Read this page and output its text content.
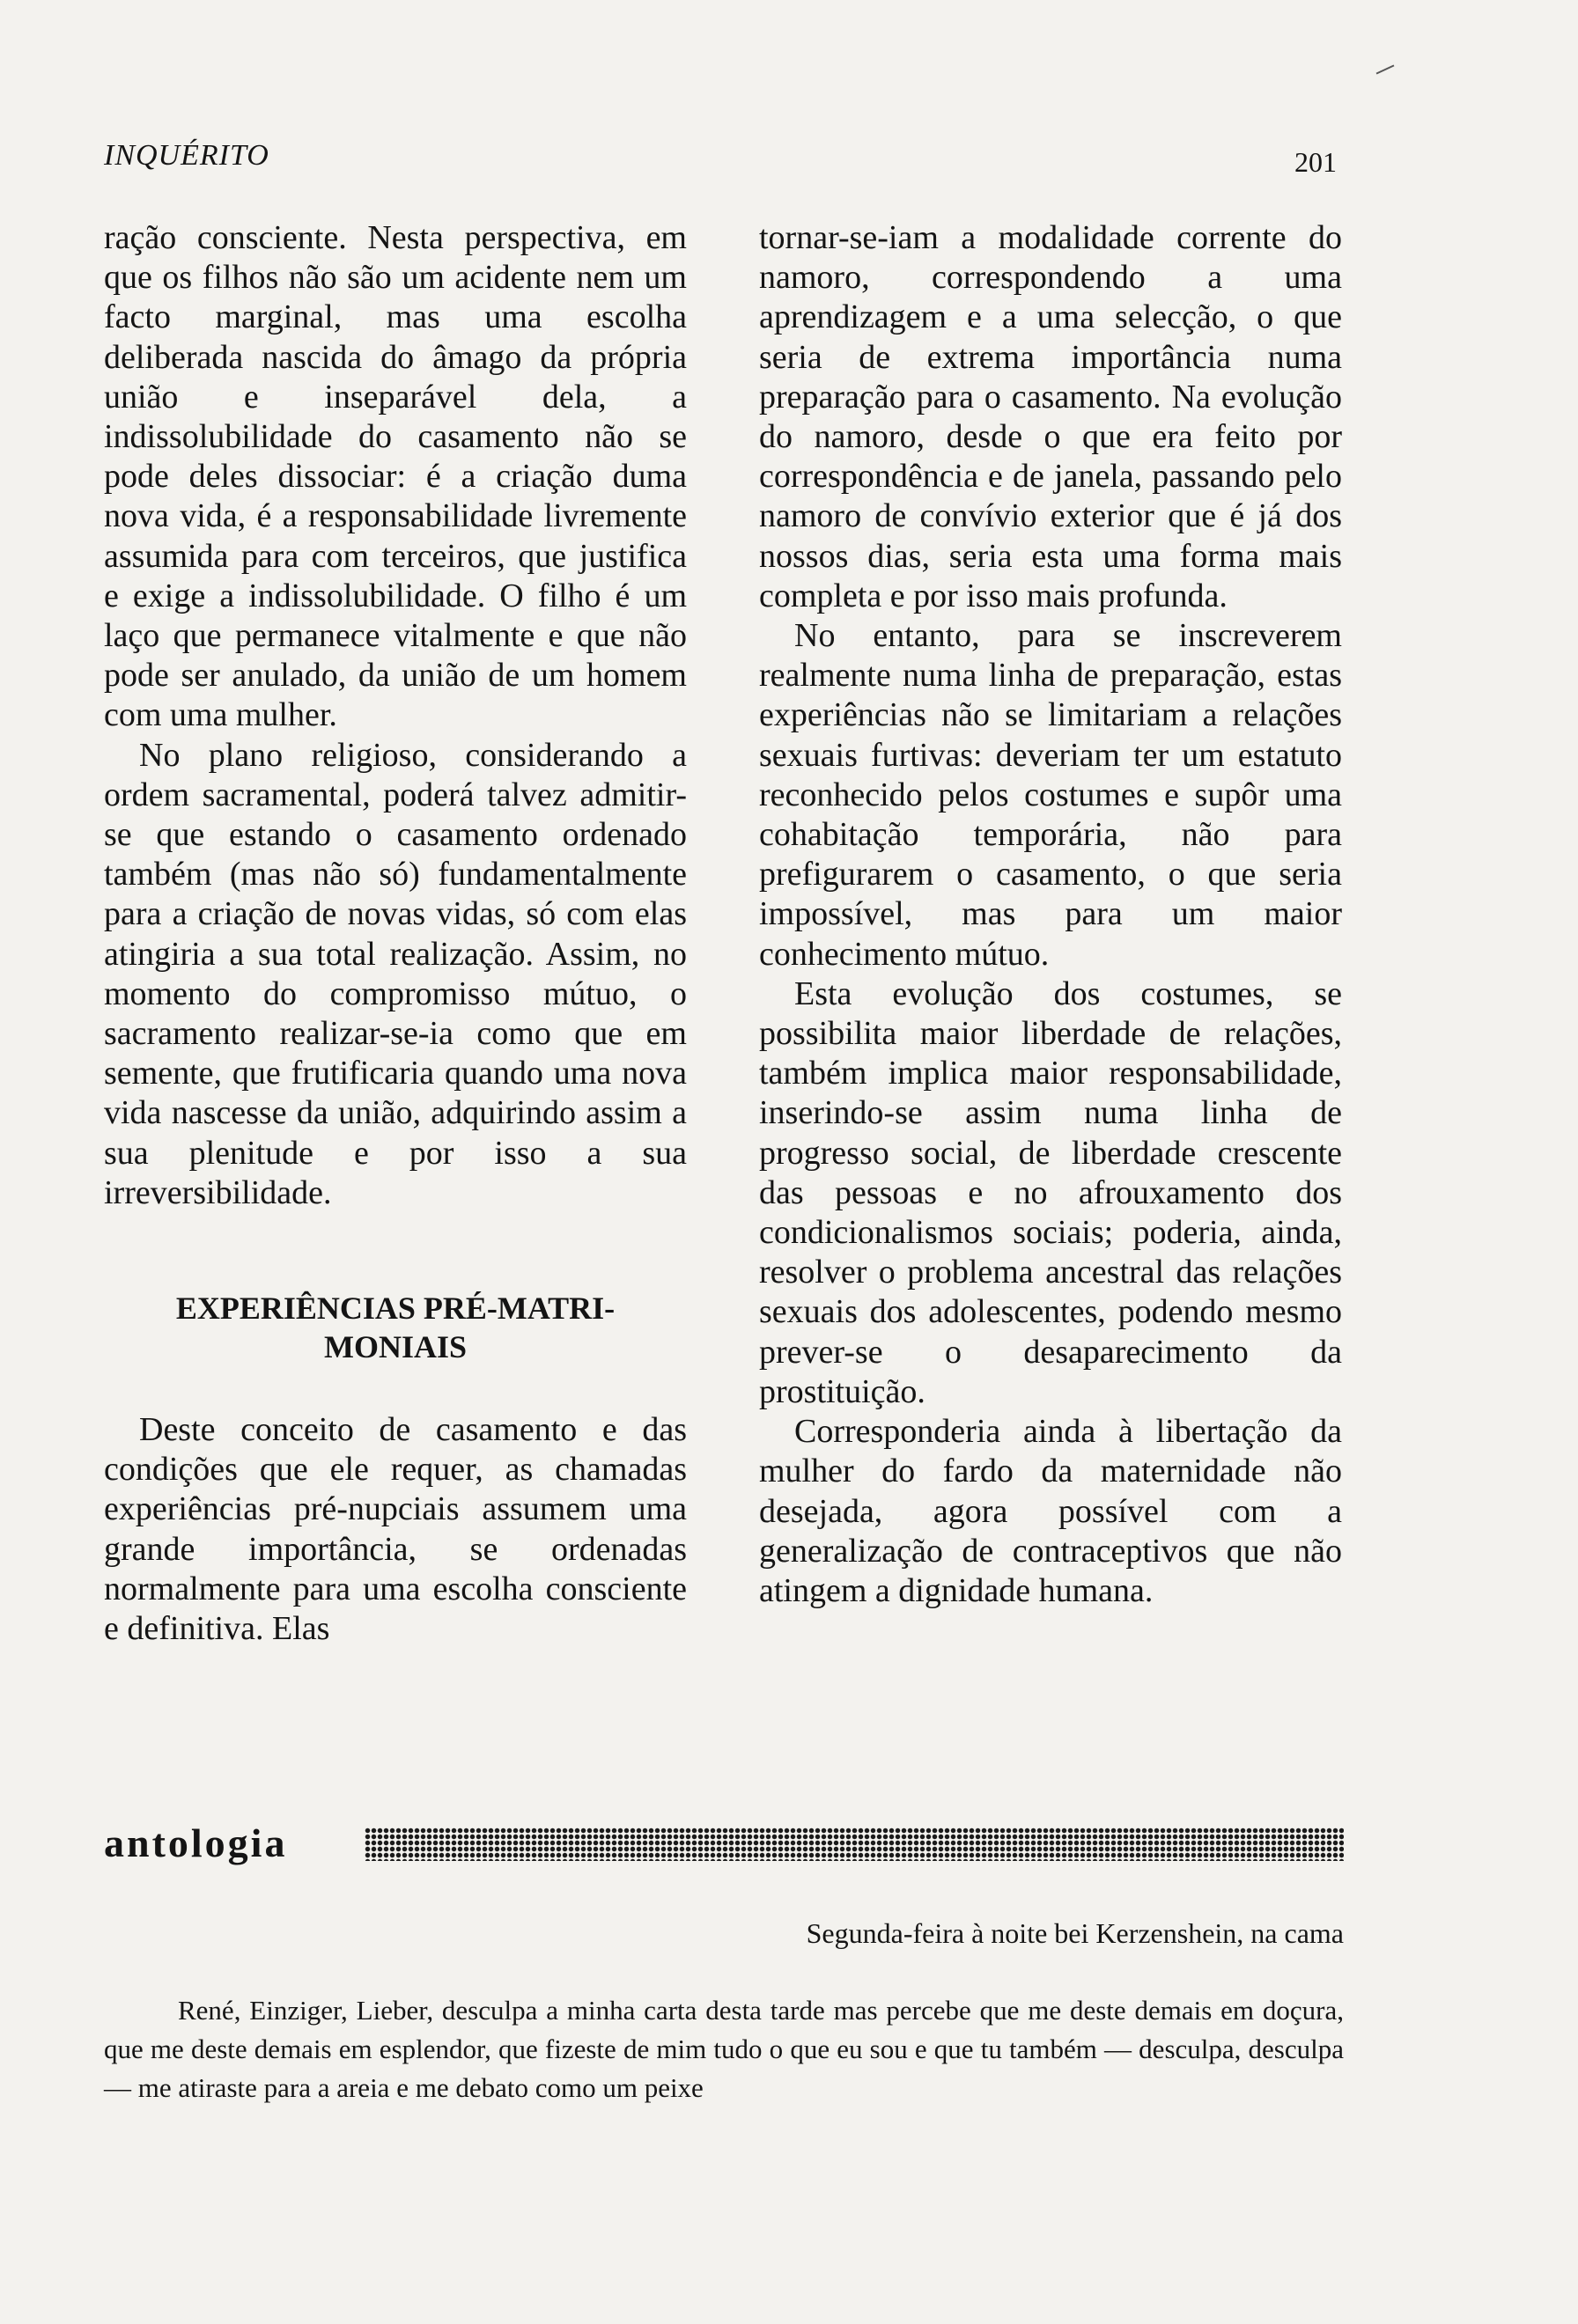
INQUÉRITO	201

ração consciente. Nesta perspectiva, em que os filhos não são um acidente nem um facto marginal, mas uma escolha deliberada nascida do âmago da própria união e inseparável dela, a indissolubilidade do casamento não se pode deles dissociar: é a criação duma nova vida, é a responsabilidade livremente assumida para com terceiros, que justifica e exige a indissolubilidade. O filho é um laço que permanece vitalmente e que não pode ser anulado, da união de um homem com uma mulher.

No plano religioso, considerando a ordem sacramental, poderá talvez admitir-se que estando o casamento ordenado também (mas não só) fundamentalmente para a criação de novas vidas, só com elas atingiria a sua total realização. Assim, no momento do compromisso mútuo, o sacramento realizar-se-ia como que em semente, que frutificaria quando uma nova vida nascesse da união, adquirindo assim a sua plenitude e por isso a sua irreversibilidade.

EXPERIÊNCIAS PRÉ-MATRI-
MONIAIS

Deste conceito de casamento e das condições que ele requer, as chamadas experiências pré-nupciais assumem uma grande importância, se ordenadas normalmente para uma escolha consciente e definitiva. Elas

tornar-se-iam a modalidade corrente do namoro, correspondendo a uma aprendizagem e a uma selecção, o que seria de extrema importância numa preparação para o casamento. Na evolução do namoro, desde o que era feito por correspondência e de janela, passando pelo namoro de convívio exterior que é já dos nossos dias, seria esta uma forma mais completa e por isso mais profunda.

No entanto, para se inscreverem realmente numa linha de preparação, estas experiências não se limitariam a relações sexuais furtivas: deveriam ter um estatuto reconhecido pelos costumes e supôr uma cohabitação temporária, não para prefigurarem o casamento, o que seria impossível, mas para um maior conhecimento mútuo.

Esta evolução dos costumes, se possibilita maior liberdade de relações, também implica maior responsabilidade, inserindo-se assim numa linha de progresso social, de liberdade crescente das pessoas e no afrouxamento dos condicionalismos sociais; poderia, ainda, resolver o problema ancestral das relações sexuais dos adolescentes, podendo mesmo prever-se o desaparecimento da prostituição.

Corresponderia ainda à libertação da mulher do fardo da maternidade não desejada, agora possível com a generalização de contraceptivos que não atingem a dignidade humana.

antologia
Segunda-feira à noite bei Kerzenshein, na cama

René, Einziger, Lieber, desculpa a minha carta desta tarde mas percebe que me deste demais em doçura, que me deste demais em esplendor, que fizeste de mim tudo o que eu sou e que tu também — desculpa, desculpa — me atiraste para a areia e me debato como um peixe
